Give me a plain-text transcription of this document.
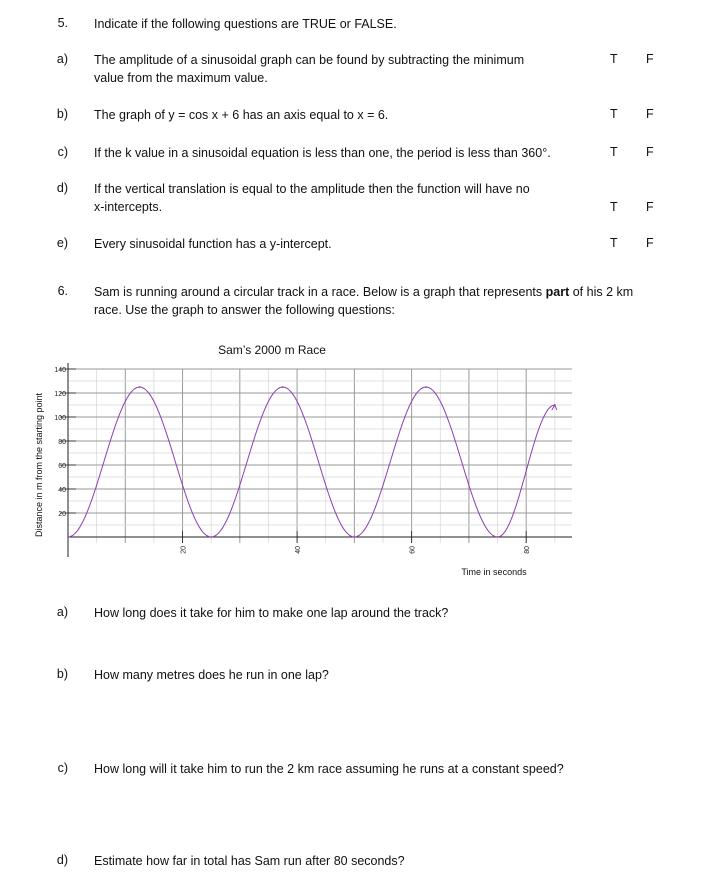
5. Indicate if the following questions are TRUE or FALSE.
a) The amplitude of a sinusoidal graph can be found by subtracting the minimum
value from the maximum value.
T F
b) The graph of y = cos x + 6 has an axis equal to x = 6.	T F
c) If the k value in a sinusoidal equation is less than one, the period is less than 360°.	T F
d) If the vertical translation is equal to the amplitude then the function will have no
x-intercepts.	T F
e) Every sinusoidal function has a y-intercept.	T F
6. Sam is running around a circular track in a race. Below is a graph that represents part of his 2 km
race. Use the graph to answer the following questions:
Sam’s 2000 m Race
20
40
60
80
100
120
140
20	40	60	80
Time in seconds
Distance in m from the starting point
a) How long does it take for him to make one lap around the track?
b) How many metres does he run in one lap?
c) How long will it take him to run the 2 km race assuming he runs at a constant speed?
d) Estimate how far in total has Sam run after 80 seconds?
